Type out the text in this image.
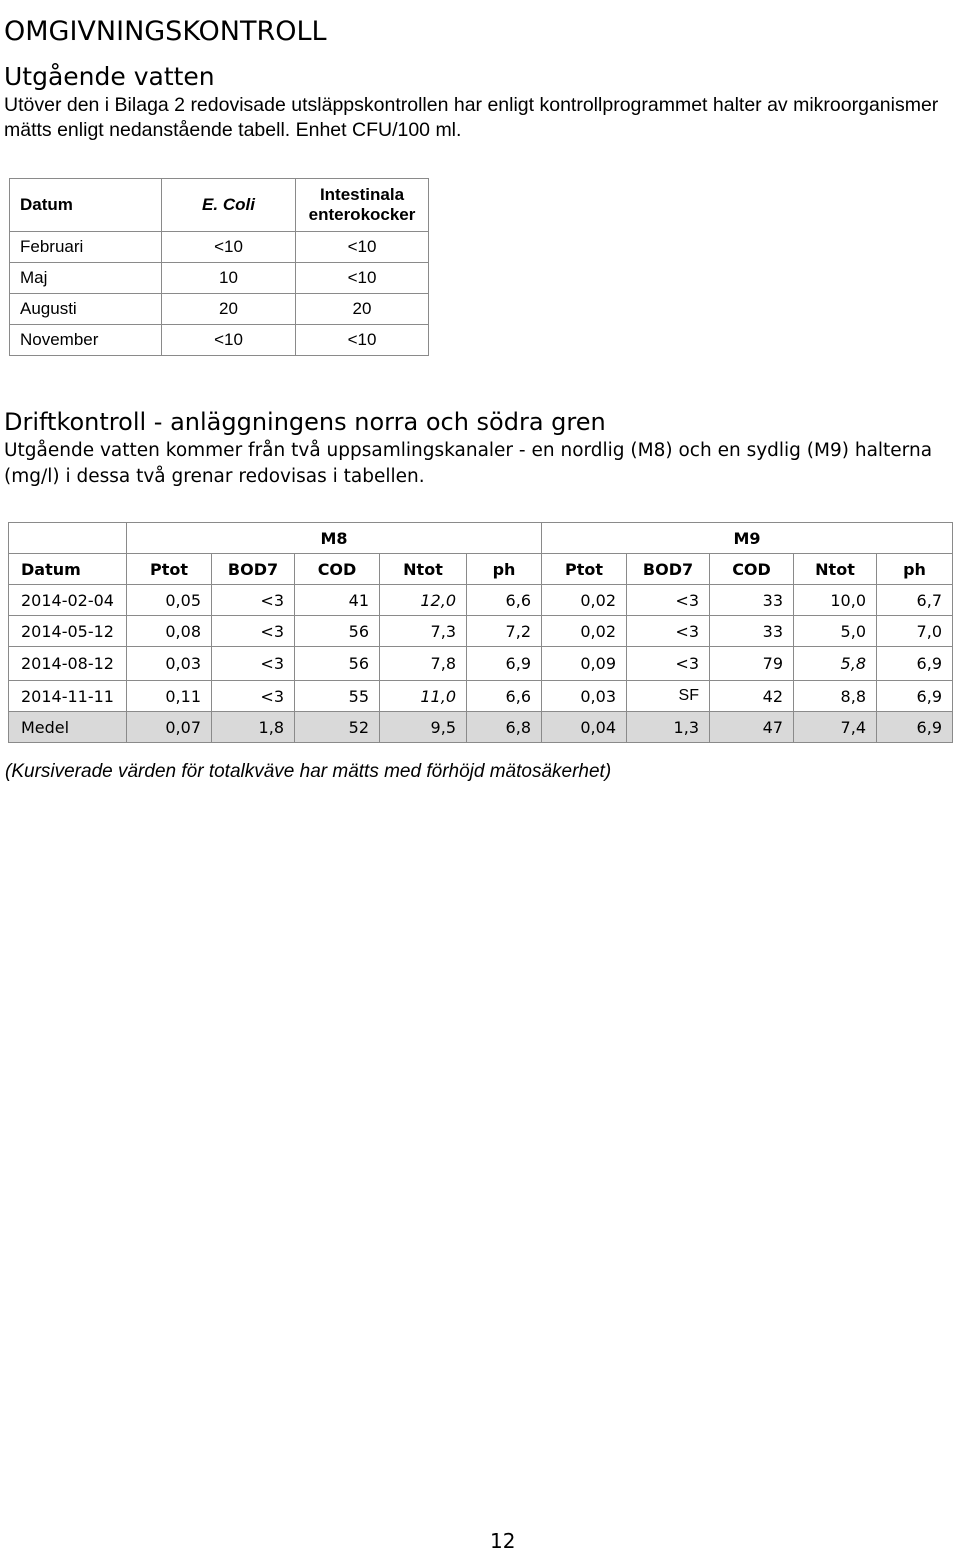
OMGIVNINGSKONTROLL
Utgående vatten
Utöver den i Bilaga 2 redovisade utsläppskontrollen har enligt kontrollprogrammet halter av mikroorganismer mätts enligt nedanstående tabell. Enhet CFU/100 ml.
Datum	E. Coli	Intestinala enterokocker
Februari	<10	<10
Maj	10	<10
Augusti	20	20
November	<10	<10
Driftkontroll - anläggningens norra och södra gren
Utgående vatten kommer från två uppsamlingskanaler - en nordlig (M8) och en sydlig (M9) halterna (mg/l) i dessa två grenar redovisas i tabellen.
	M8					M9				
Datum	Ptot	BOD7	COD	Ntot	ph	Ptot	BOD7	COD	Ntot	ph
2014-02-04	0,05	<3	41	12,0	6,6	0,02	<3	33	10,0	6,7
2014-05-12	0,08	<3	56	7,3	7,2	0,02	<3	33	5,0	7,0
2014-08-12	0,03	<3	56	7,8	6,9	0,09	<3	79	5,8	6,9
2014-11-11	0,11	<3	55	11,0	6,6	0,03	SF	42	8,8	6,9
Medel	0,07	1,8	52	9,5	6,8	0,04	1,3	47	7,4	6,9
(Kursiverade värden för totalkväve har mätts med förhöjd mätosäkerhet)
12
